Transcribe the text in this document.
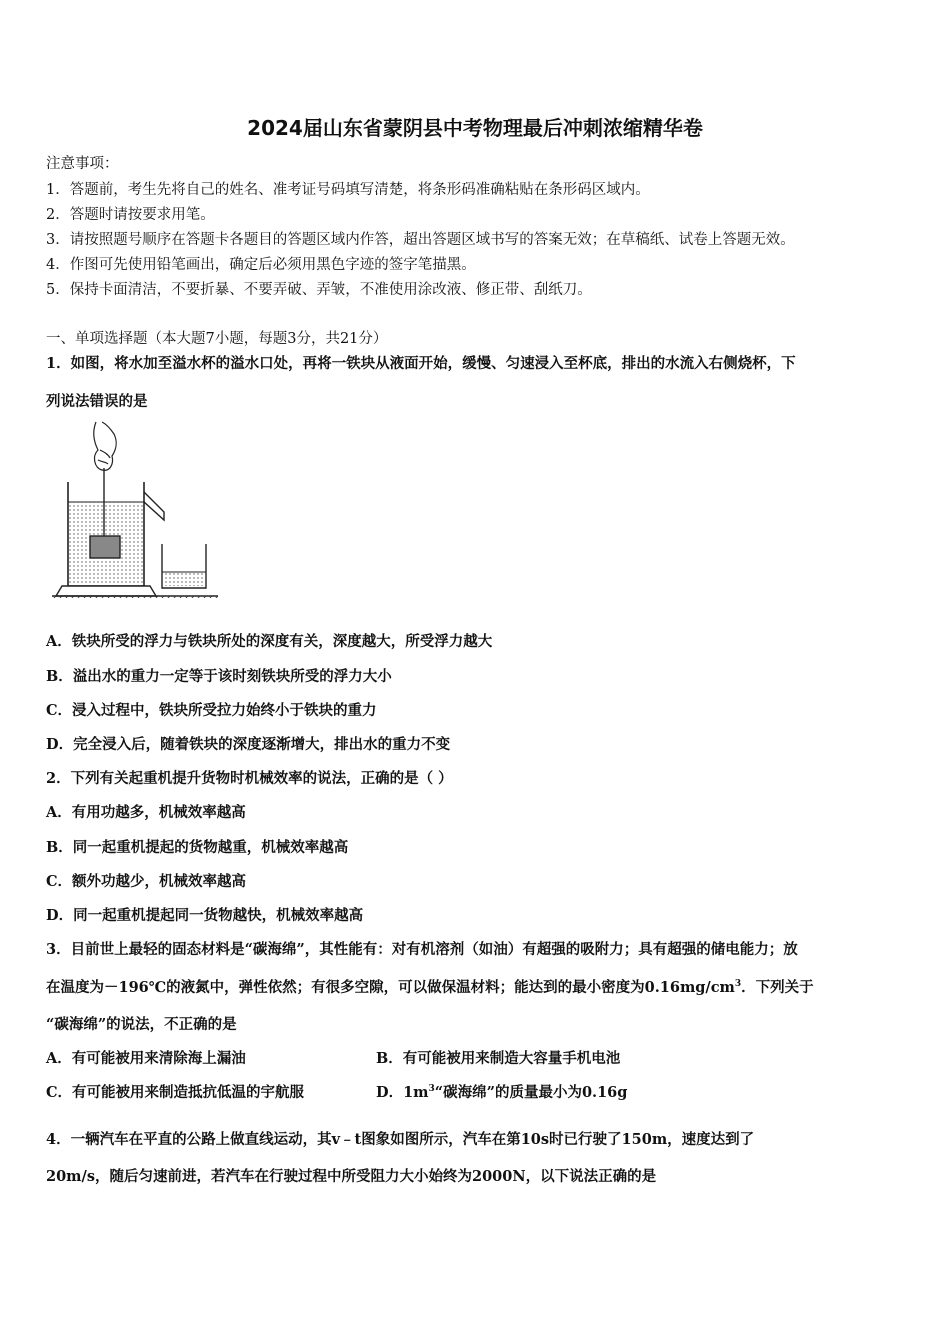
2024届山东省蒙阴县中考物理最后冲刺浓缩精华卷
注意事项：
1．答题前，考生先将自己的姓名、准考证号码填写清楚，将条形码准确粘贴在条形码区域内。
2．答题时请按要求用笔。
3．请按照题号顺序在答题卡各题目的答题区域内作答，超出答题区域书写的答案无效；在草稿纸、试卷上答题无效。
4．作图可先使用铅笔画出，确定后必须用黑色字迹的签字笔描黑。
5．保持卡面清洁，不要折暴、不要弄破、弄皱，不准使用涂改液、修正带、刮纸刀。
一、单项选择题（本大题7小题，每题3分，共21分）
1．如图，将水加至溢水杯的溢水口处，再将一铁块从液面开始，缓慢、匀速浸入至杯底，排出的水流入右侧烧杯，下
列说法错误的是
A．铁块所受的浮力与铁块所处的深度有关，深度越大，所受浮力越大
B．溢出水的重力一定等于该时刻铁块所受的浮力大小
C．浸入过程中，铁块所受拉力始终小于铁块的重力
D．完全浸入后，随着铁块的深度逐渐增大，排出水的重力不变
2．下列有关起重机提升货物时机械效率的说法，正确的是（ ）
A．有用功越多，机械效率越高
B．同一起重机提起的货物越重，机械效率越高
C．额外功越少，机械效率越高
D．同一起重机提起同一货物越快，机械效率越高
3．目前世上最轻的固态材料是“碳海绵”，其性能有：对有机溶剂（如油）有超强的吸附力；具有超强的储电能力；放
在温度为－196℃的液氮中，弹性依然；有很多空隙，可以做保温材料；能达到的最小密度为$0.16mg/cm^3$．下列关于
“碳海绵”的说法，不正确的是
A．有可能被用来清除海上漏油	B．有可能被用来制造大容量手机电池
C．有可能被用来制造抵抗低温的宇航服	D．$1m^3“$碳海绵”的质量最小为0.16g
4．一辆汽车在平直的公路上做直线运动，其v﹣t图象如图所示，汽车在第10s时已行驶了150m，速度达到了
20m/s，随后匀速前进，若汽车在行驶过程中所受阻力大小始终为2000N，以下说法正确的是
